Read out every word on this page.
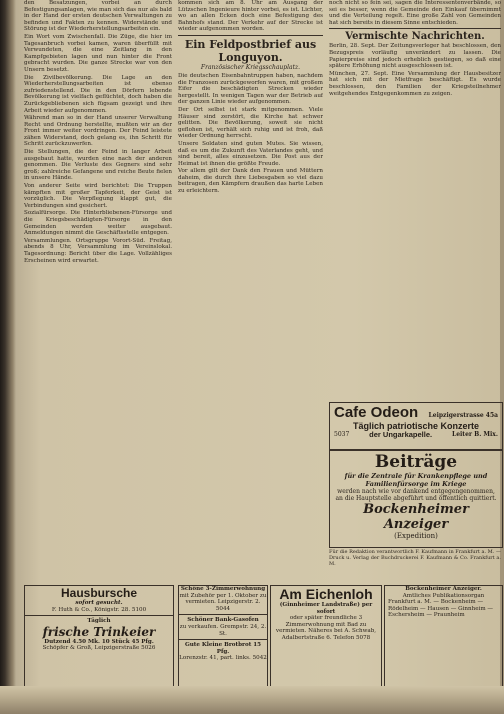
den Besatzungen, vorbei an durch Befestigungsanlagen, wie man sich das nur als bald in der Hand der ersten deutschen Verwaltungen zu befinden und Fakten zu kennen. Widerstände und Störung ist der Wiederherstellungsarbeiten ein.

Ein Wort vom Zwischenfall. Die Züge, die hier im Tagesanbruch vorbei kamen, waren überfüllt mit Verwundeten, die eine Zeitlang in den Kampfgebieten lagen und nun hinter die Front gebracht wurden. Die ganze Strecke war von den Unsern besetzt.

Die Zivilbevölkerung. Die Lage an den Wiederherstellungsarbeiten ist ebenso zufriedenstellend. Die in den Dörfern lebende Bevölkerung ist vielfach geflüchtet, doch haben die Zurückgebliebenen sich fügsam gezeigt und ihre Arbeit wieder aufgenommen.

Während man so in der Hand unserer Verwaltung Recht und Ordnung herstellte, mußten wir an der Front immer weiter vordringen. Der Feind leistete zähen Widerstand, doch gelang es, ihn Schritt für Schritt zurückzuwerfen.

Die Stellungen, die der Feind in langer Arbeit ausgebaut hatte, wurden eine nach der anderen genommen. Die Verluste des Gegners sind sehr groß; zahlreiche Gefangene und reiche Beute fielen in unsere Hände.

Von anderer Seite wird berichtet: Die Truppen kämpften mit großer Tapferkeit, der Geist ist vorzüglich. Die Verpflegung klappt gut, die Verbindungen sind gesichert.

Sozialfürsorge. Die Hinterbliebenen-Fürsorge und die Kriegsbeschädigten-Fürsorge in den Gemeinden werden weiter ausgebaut. Anmeldungen nimmt die Geschäftsstelle entgegen.

Versammlungen. Ortsgruppe Vorort-Süd. Freitag, abends 8 Uhr, Versammlung im Vereinslokal. Tagesordnung: Bericht über die Lage. Vollzähliges Erscheinen wird erwartet.

kommen sich am 8. Uhr am Ausgang der Lützschen Ingenieure hinter vorbei, es ist. Lichter, wo an allen Ecken doch eine Befestigung des Bahnhofs stand. Der Verkehr auf der Strecke ist wieder aufgenommen worden.

Ein Feldpostbrief aus Longuyon.
Französischer Kriegsschauplatz.

Die deutschen Eisenbahntruppen haben, nachdem die Franzosen zurückgeworfen waren, mit großem Eifer die beschädigten Strecken wieder hergestellt. In wenigen Tagen war der Betrieb auf der ganzen Linie wieder aufgenommen.

Der Ort selbst ist stark mitgenommen. Viele Häuser sind zerstört, die Kirche hat schwer gelitten. Die Bevölkerung, soweit sie nicht geflohen ist, verhält sich ruhig und ist froh, daß wieder Ordnung herrscht.

Unsere Soldaten sind guten Mutes. Sie wissen, daß es um die Zukunft des Vaterlandes geht, und sind bereit, alles einzusetzen. Die Post aus der Heimat ist ihnen die größte Freude.

Vor allem gilt der Dank den Frauen und Müttern daheim, die durch ihre Liebesgaben so viel dazu beitragen, den Kämpfern draußen das harte Leben zu erleichtern.

noch nicht so fein sei, sagen die Interessentenverbände, so sei es besser, wenn die Gemeinde den Einkauf übernimmt und die Verteilung regelt. Eine große Zahl von Gemeinden hat sich bereits in diesem Sinne entschieden.

Vermischte Nachrichten.

Berlin, 28. Sept. Der Zeitungsverleger hat beschlossen, den Bezugspreis vorläufig unverändert zu lassen. Die Papierpreise sind jedoch erheblich gestiegen, so daß eine spätere Erhöhung nicht ausgeschlossen ist.

München, 27. Sept. Eine Versammlung der Hausbesitzer hat sich mit der Mietfrage beschäftigt. Es wurde beschlossen, den Familien der Kriegsteilnehmer weitgehendes Entgegenkommen zu zeigen.

Cafe Odeon Leipzigerstrasse 45a
Täglich patriotische Konzerte
5037	der Ungarkapelle.	Leiter B. Mix.
Beiträge
für die Zentrale für Krankenpflege und
Familienfürsorge im Kriege
werden nach wie vor dankend entgegengenommen,
an die Hauptstelle abgeführt und öffentlich quittiert.
Bockenheimer Anzeiger
(Expedition)
Für die Redaktion verantwortlich F. Kaufmann in Frankfurt a. M. — Druck u. Verlag der Buchdruckerei F. Kaufmann & Co. Frankfurt a. M.
Hausbursche
sofort gesucht.
F. Huth & Co., Königstr. 28. 5100
Täglich
frische Trinkeier
Dutzend 4.50 Mk. 10 Stück 45 Pfg.
Schöpfer & Groß, Leipzigerstraße 5026
Schöne 3-Zimmerwohnung
mit Zubehör per 1. Oktober zu vermieten. Leipzigerstr. 2. 5044
Schöner Bank-Gasofen
zu verkaufen. Grempstr. 24, 2. St.
Gute Kleine Brotbrot 15 Pfg.
Lorenzstr. 41, part. links. 5042
Am Eichenloh
(Ginnheimer Landstraße) per sofort
oder später freundliche 3 Zimmerwohnung mit Bad zu vermieten. Näheres bei A. Schwab, Adalbertstraße 6. Telefon 5078
Bockenheimer Anzeiger.
Amtliches Publikationsorgan
Frankfurt a. M. — Bockenheim — Rödelheim — Hausen — Ginnheim — Eschersheim — Praunheim
